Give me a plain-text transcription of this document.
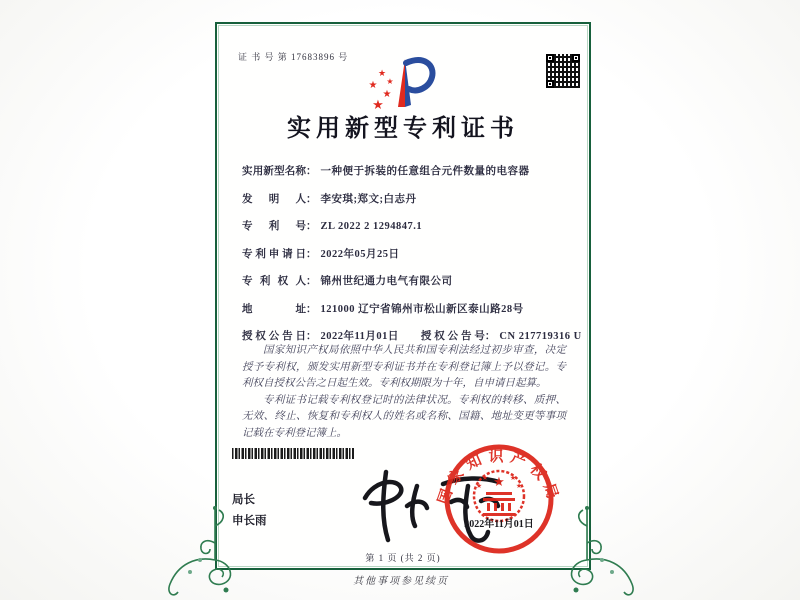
证 书 号 第 17683896 号
★
★
★
★
★
实用新型专利证书
实用新型名称： 一种便于拆装的任意组合元件数量的电容器
发明人： 李安琪;郑文;白志丹
专利号： ZL 2022 2 1294847.1
专利申请日： 2022年05月25日
专利权人： 锦州世纪通力电气有限公司
地址： 121000 辽宁省锦州市松山新区泰山路28号
授权公告日： 2022年11月01日 授权公告号： CN 217719316 U

国家知识产权局依照中华人民共和国专利法经过初步审查，决定授予专利权，颁发实用新型专利证书并在专利登记簿上予以登记。专利权自授权公告之日起生效。专利权期限为十年，自申请日起算。

专利证书记载专利权登记时的法律状况。专利权的转移、质押、无效、终止、恢复和专利权人的姓名或名称、国籍、地址变更等事项记载在专利登记簿上。

局长
申长雨
★
★
★
★
★
国家知识产权局
2022年11月01日
第 1 页 (共 2 页)
其他事项参见续页
